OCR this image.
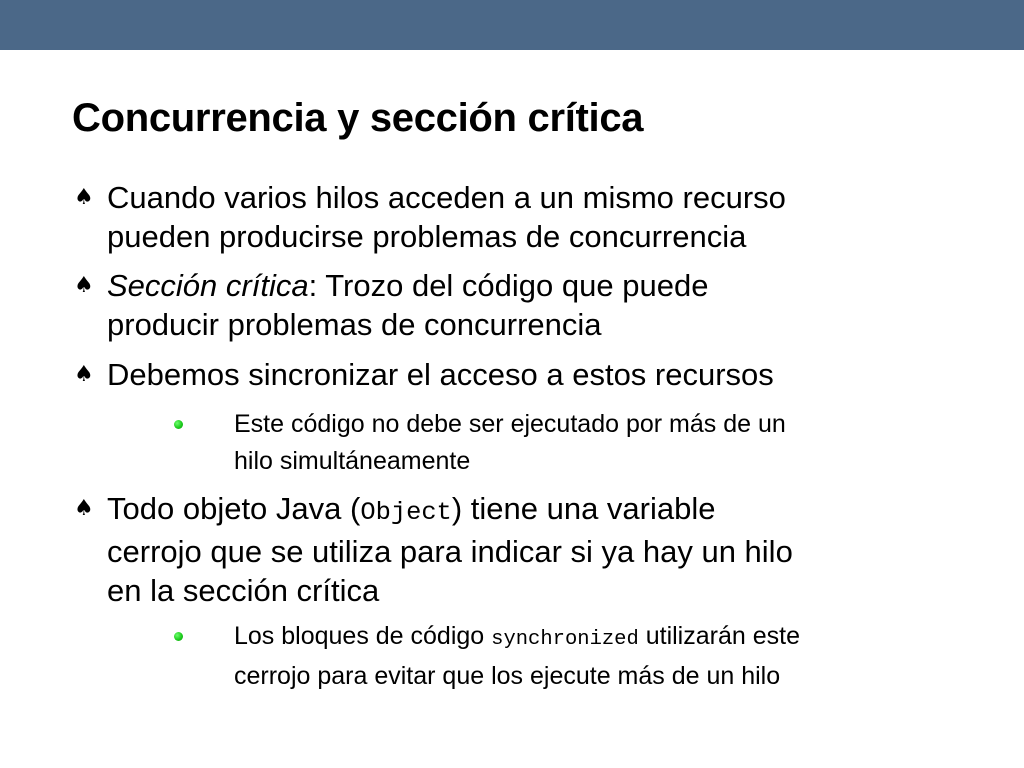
Concurrencia y sección crítica
♠ Cuando varios hilos acceden a un mismo recurso
pueden producirse problemas de concurrencia
♠ Sección crítica: Trozo del código que puede
producir problemas de concurrencia
♠ Debemos sincronizar el acceso a estos recursos
Este código no debe ser ejecutado por más de un
hilo simultáneamente
♠ Todo objeto Java (Object) tiene una variable
cerrojo que se utiliza para indicar si ya hay un hilo
en la sección crítica
Los bloques de código synchronized utilizarán este
cerrojo para evitar que los ejecute más de un hilo
